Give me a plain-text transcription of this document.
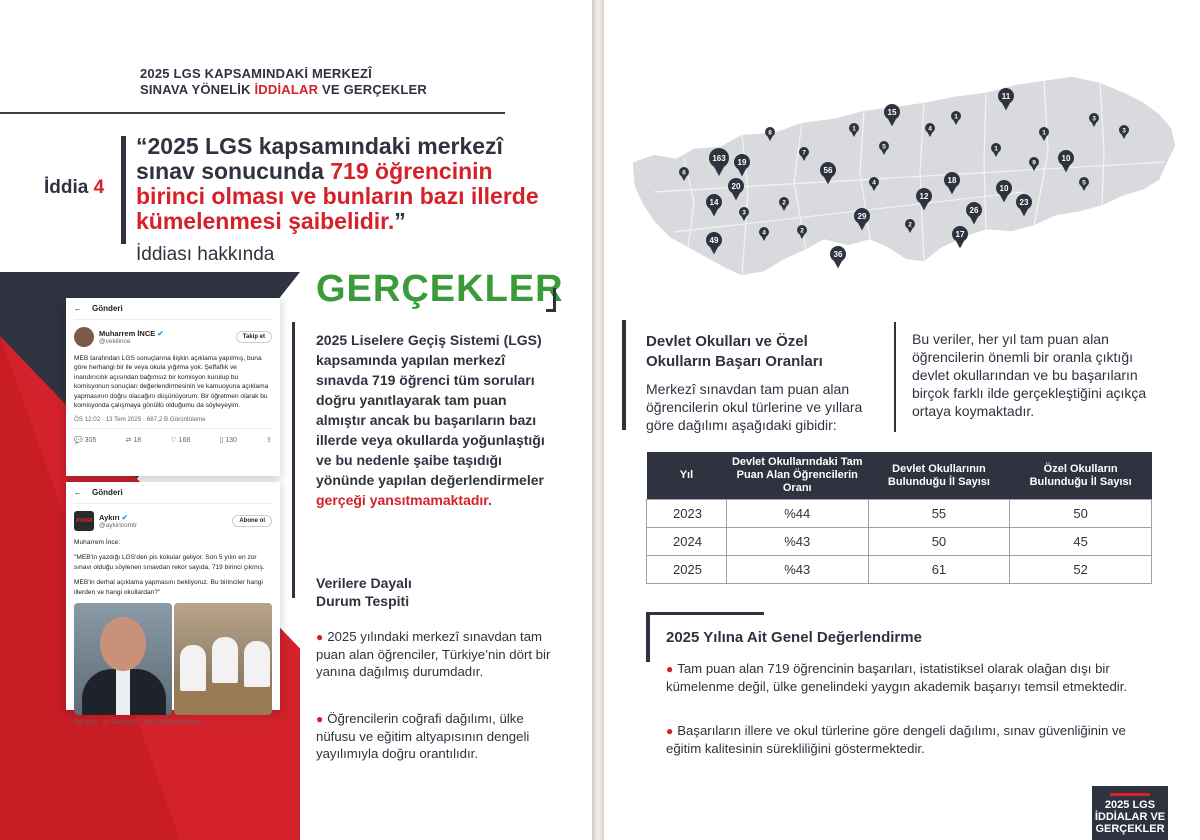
2025 LGS KAPSAMINDAKİ MERKEZÎ
SINAVA YÖNELİK İDDİALAR VE GERÇEKLER
İddia 4
“2025 LGS kapsamındaki merkezî sınav sonucunda 719 öğrencinin birinci olması ve bunların bazı illerde kümelenmesi şaibelidir.”
İddiası hakkında
GERÇEKLER
2025 Liselere Geçiş Sistemi (LGS) kapsamında yapılan merkezî sınavda 719 öğrenci tüm soruları doğru yanıtlayarak tam puan almıştır ancak bu başarıların bazı illerde veya okullarda yoğunlaştığı ve bu nedenle şaibe taşıdığı yönünde yapılan değerlendirmeler gerçeği yansıtmamaktadır.
Verilere Dayalı
Durum Tespiti
● 2025 yılındaki merkezî sınavdan tam puan alan öğrenciler, Türkiye’nin dört bir yanına dağılmış durumdadır.
● Öğrencilerin coğrafi dağılımı, ülke nüfusu ve eğitim altyapısının dengeli yayılımıyla doğru orantılıdır.
← Gönderi
Muharrem İNCE ✔
@vekilince
Takip et
MEB tarafından LGS sonuçlarına ilişkin açıklama yapılmış, buna göre herhangi bir ile veya okula yığılma yok. Şeffaflık ve inandırıcılık açısından bağımsız bir komisyon kurulup bu komisyonun sonuçları değerlendirmesinin ve kamuoyuna açıklama yapmasının doğru olacağını düşünüyorum. Bir öğretmen olarak bu komisyonda çalışmaya gönüllü olduğumu da söyleyeyim.
ÖS 12:02 · 13 Tem 2025 · 687,2 B Görüntüleme
💬 305	⇄ 18	♡ 168	▯ 130	⇪
← Gönderi
AYKIRI Aykırı ✔
@aykiricomtr
Abone ol
Muharrem İnce:
"MEB'in yazdığı LGS'den pis kokular geliyor. Son 5 yılın en zor sınavı olduğu söylenen sınavdan rekor sayıda, 719 birinci çıkmış.
MEB'in derhal açıklama yapmasını bekliyoruz. Bu birinciler hangi illerden ve hangi okullardan?"
ÖS 9:00 · 11 Tem 2025 · 156,8 B Görüntüleme
163 19
20
14
49
56
15
11
29
36
18
10
26
23
17
12
10
8
7
5
4
3
3
2
2
1
1
1
6
4
9
5
2
3
1
4
Devlet Okulları ve Özel
Okulların Başarı Oranları
Merkezî sınavdan tam puan alan öğrencilerin okul türlerine ve yıllara göre dağılımı aşağıdaki gibidir:
Bu veriler, her yıl tam puan alan öğrencilerin önemli bir oranla çıktığı devlet okullarından ve bu başarıların birçok farklı ilde gerçekleştiğini açıkça ortaya koymaktadır.
Yıl	Devlet Okullarındaki Tam Puan Alan Öğrencilerin Oranı	Devlet Okullarının Bulunduğu İl Sayısı	Özel Okulların Bulunduğu İl Sayısı
2023	%44	55	50
2024	%43	50	45
2025	%43	61	52
2025 Yılına Ait Genel Değerlendirme
● Tam puan alan 719 öğrencinin başarıları, istatistiksel olarak olağan dışı bir kümelenme değil, ülke genelindeki yaygın akademik başarıyı temsil etmektedir.
● Başarıların illere ve okul türlerine göre dengeli dağılımı, sınav güvenliğinin ve eğitim kalitesinin sürekliliğini göstermektedir.
2025 LGS
İDDİALAR VE
GERÇEKLER
